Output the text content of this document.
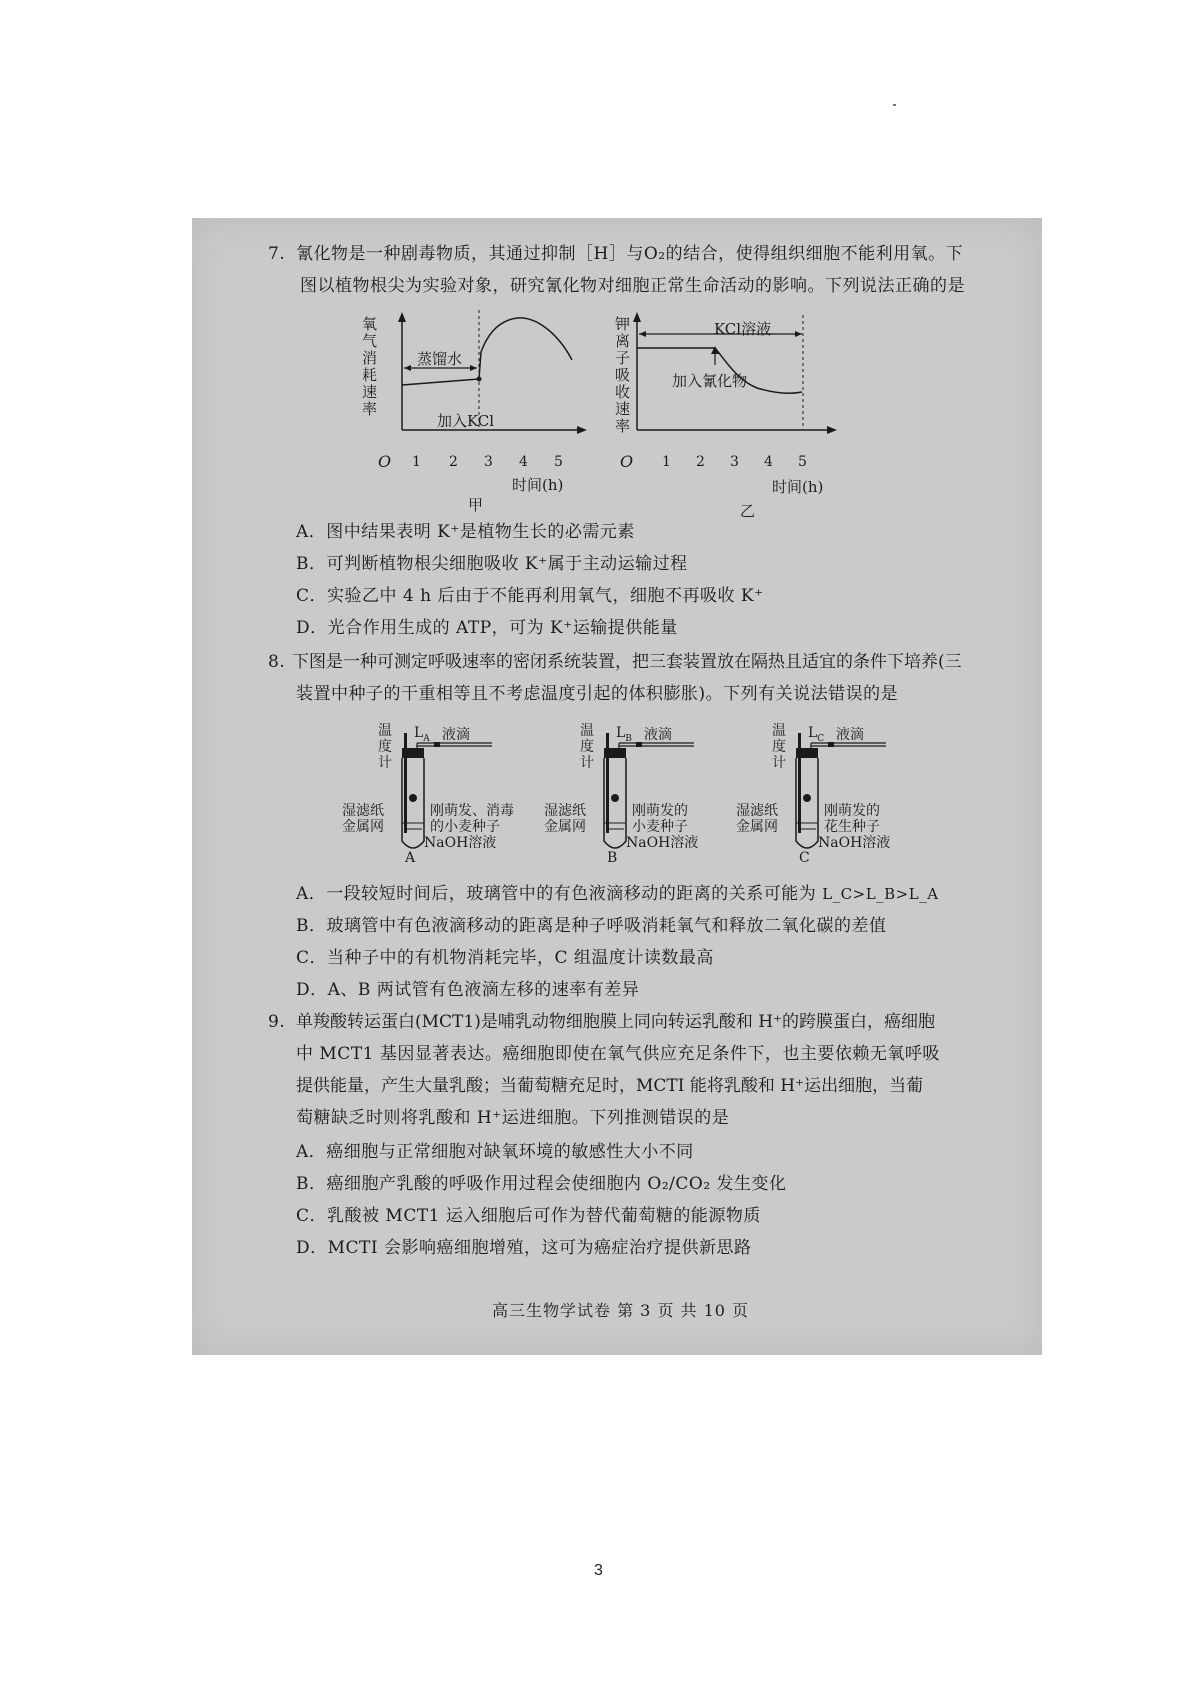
7. 氰化物是一种剧毒物质，其通过抑制［H］与O₂的结合，使得组织细胞不能利用氧。下
图以植物根尖为实验对象，研究氰化物对细胞正常生命活动的影响。下列说法正确的是
氧气消耗速率
蒸馏水
加入KCl
O 1 2 3 4 5
时间(h)
甲
钾离子吸收速率
KCl溶液
加入氰化物
O 1 2 3 4 5
时间(h)
乙
A．图中结果表明 K⁺是植物生长的必需元素
B．可判断植物根尖细胞吸收 K⁺属于主动运输过程
C．实验乙中 4 h 后由于不能再利用氧气，细胞不再吸收 K⁺
D．光合作用生成的 ATP，可为 K⁺运输提供能量
8. 下图是一种可测定呼吸速率的密闭系统装置，把三套装置放在隔热且适宜的条件下培养(三
装置中种子的干重相等且不考虑温度引起的体积膨胀)。下列有关说法错误的是
温度计
$L_A$ 液滴
湿滤纸
金属网
刚萌发、消毒
的小麦种子
NaOH溶液
A
温度计
$L_B$ 液滴
湿滤纸
金属网
刚萌发的
小麦种子
NaOH溶液
B
温度计
$L_C$ 液滴
湿滤纸
金属网
刚萌发的
花生种子
NaOH溶液
C
A．一段较短时间后，玻璃管中的有色液滴移动的距离的关系可能为 L_C>L_B>L_A
B．玻璃管中有色液滴移动的距离是种子呼吸消耗氧气和释放二氧化碳的差值
C．当种子中的有机物消耗完毕，C 组温度计读数最高
D．A、B 两试管有色液滴左移的速率有差异
9. 单羧酸转运蛋白(MCT1)是哺乳动物细胞膜上同向转运乳酸和 H⁺的跨膜蛋白，癌细胞
中 MCT1 基因显著表达。癌细胞即使在氧气供应充足条件下，也主要依赖无氧呼吸
提供能量，产生大量乳酸；当葡萄糖充足时，MCTI 能将乳酸和 H⁺运出细胞，当葡
萄糖缺乏时则将乳酸和 H⁺运进细胞。下列推测错误的是
A．癌细胞与正常细胞对缺氧环境的敏感性大小不同
B．癌细胞产乳酸的呼吸作用过程会使细胞内 O₂/CO₂ 发生变化
C．乳酸被 MCT1 运入细胞后可作为替代葡萄糖的能源物质
D．MCTI 会影响癌细胞增殖，这可为癌症治疗提供新思路
高三生物学试卷 第 3 页 共 10 页
3
